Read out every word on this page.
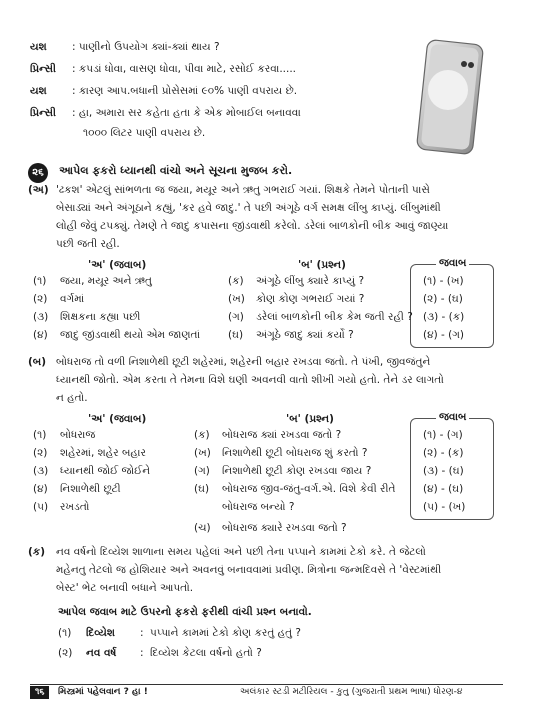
યશ : પાણીનો ઉપયોગ ક્યાં-ક્યાં થાય ?
પ્રિન્સી : કપડાં ધોવા, વાસણ ધોવા, પીવા માટે, રસોઈ કરવા.....
યશ : કારણ આપ.બધાની પ્રોસેસમાં ૯૦% પાણી વપરાય છે.
પ્રિન્સી : હા, અમારા સર કહેતા હતા કે એક મોબાઈલ બનાવવા
૧૦૦૦ લિટર પાણી વપરાય છે.
૨૬ આપેલ ફકરો ધ્યાનથી વાંચો અને સૂચના મુજબ કરો.
(અ) 'ઢકશ' એટલું સાંભળતા જ જયા, મયૂર અને ઋતુ ગભરાઈ ગયાં. શિક્ષકે તેમને પોતાની પાસે
બેસાડ્યાં અને અંગૂઠાને કહ્યું, 'કર હવે જાદુ.' તે પછી અંગૂઠે વર્ગ સમક્ષ લીંબુ કાપ્યું. લીંબુમાંથી
લોહી જેવું ટપક્યું. તેમણે તે જાદુ કપાસના જીંડવાથી કરેલો. ડરેલાં બાળકોની બીક આવું જાણ્યા
પછી જતી રહી.
'અ' (જવાબ)	'બ' (પ્રશ્ન)	જવાબ
(૧) જયા, મયૂર અને ઋતુ	(ક) અંગૂઠે લીંબુ ક્યારે કાપ્યું ?	(૧) - (ખ)
(૨) વર્ગમાં	(ખ) કોણ કોણ ગભરાઈ ગયાં ?	(૨) - (ઘ)
(૩) શિક્ષકના કહ્યા પછી	(ગ) ડરેલાં બાળકોની બીક કેમ જતી રહી ? (૩) - (ક)
(૪) જાદુ જીંડવાથી થયો એમ જાણતાં	(ઘ) અંગૂઠે જાદુ ક્યાં કર્યો ?	(૪) - (ગ)
(બ) બોધરાજ તો વળી નિશાળેથી છૂટી શહેરમાં, શહેરની બહાર રખડવા જતો. તે પંખી, જીવજંતુને
ધ્યાનથી જોતો. એમ કરતા તે તેમના વિશે ઘણી અવનવી વાતો શીખી ગયો હતો. તેને ડર લાગતો
ન હતો.
'અ' (જવાબ)	'બ' (પ્રશ્ન)	જવાબ
(૧) બોધરાજ	(ક) બોધરાજ ક્યાં રખડવા જતો ?	(૧) - (ગ)
(૨) શહેરમાં, શહેર બહાર	(ખ) નિશાળેથી છૂટી બોધરાજ શું કરતો ?	(૨) - (ક)
(૩) ધ્યાનથી જોઈ જોઈને	(ગ) નિશાળેથી છૂટી કોણ રખડવા જાય ?	(૩) - (ઘ)
(૪) નિશાળેથી છૂટી	(ઘ) બોધરાજ જીવ-જંતુ-વર્ગ.એ. વિશે કેવી રીતે	(૪) - (ઘ)
(૫) રખડતો	બોધરાજ બન્યો ?	(૫) - (ખ)
(ચ) બોધરાજ ક્યારે રખડવા જતો ?
(ક) નવ વર્ષનો દિવ્યેશ શાળાના સમય પહેલાં અને પછી તેના પપ્પાને કામમાં ટેકો કરે. તે જેટલો
મહેનતુ તેટલો જ હોશિયાર અને અવનવું બનાવવામાં પ્રવીણ. મિત્રોના જન્મદિવસે તે 'વેસ્ટમાંથી
બેસ્ટ' ભેટ બનાવી બધાને આપતો.
આપેલ જવાબ માટે ઉપરનો ફકરો ફરીથી વાંચી પ્રશ્ન બનાવો.
(૧) દિવ્યેશ : પપ્પાને કામમાં ટેકો કોણ કરતું હતું ?
(૨) નવ વર્ષ : દિવ્યેશ કેટલા વર્ષનો હતો ?
૧૬	મિસ્ત્રમાં પહેલવાન ? હા !	અલંકાર સ્ટડી મટીરિયલ - કુતુ (ગુજરાતી પ્રથમ ભાષા) ધોરણ-૪
